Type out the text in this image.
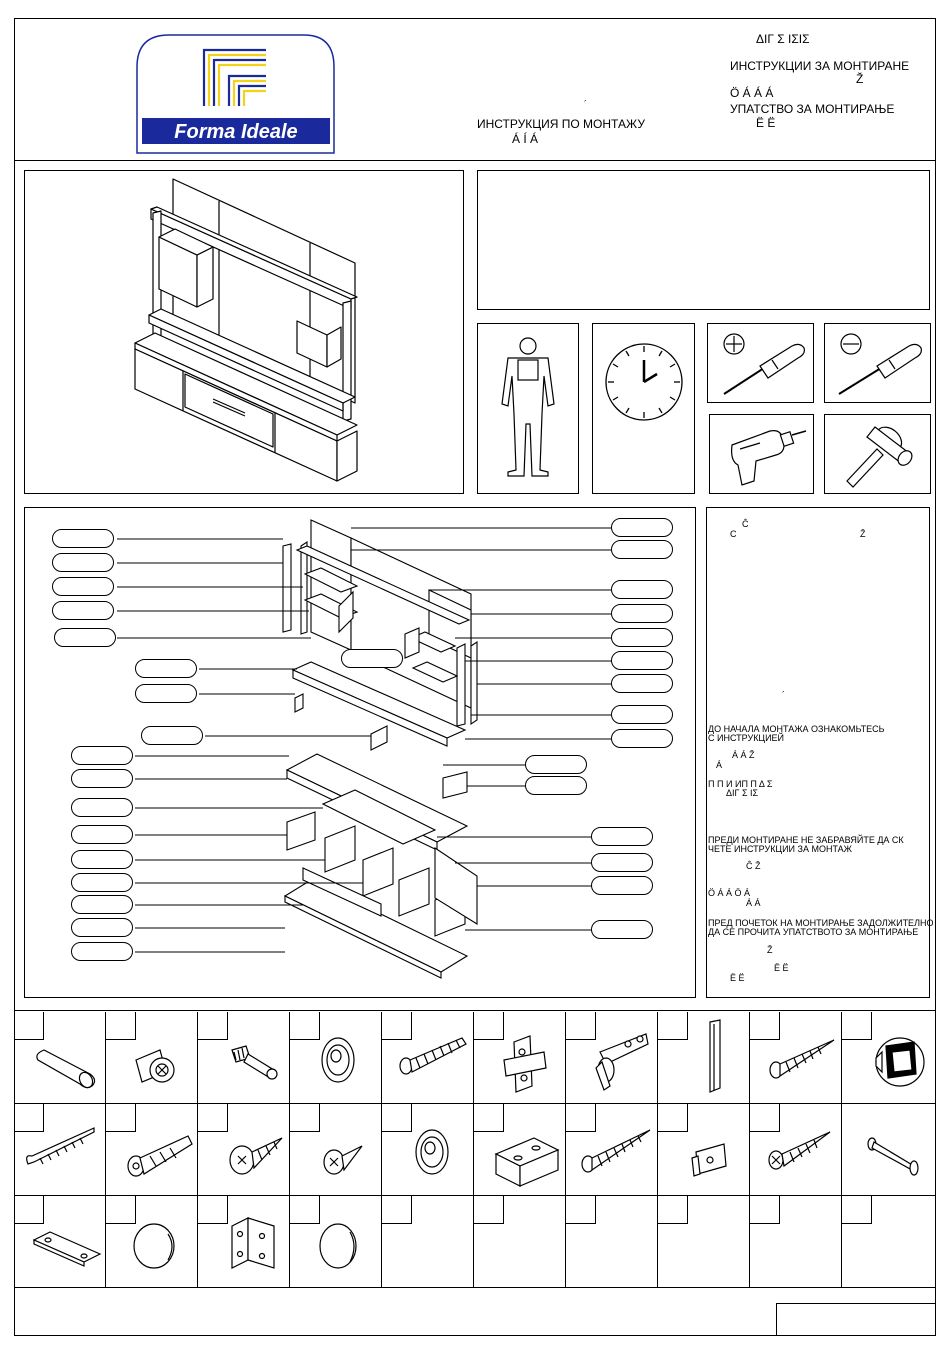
Forma Ideale
ΔΙΓ Σ ΙΣΙΣ
ИНСТРУКЦИИ ЗА МОНТИРАНЕ
Ž
Ö Á Á Á
УПАТСТВО ЗА МОНТИРАЊЕ
Ë Ë
´
ИНСТРУКЦИЯ ПО МОНТАЖУ
Á Í Á
Ĉ
C	Ž
´
ДО НАЧАЛА МОНТАЖА ОЗНАКОМЬТЕСЬ
С ИНСТРУКЦИЕЙ
Á Á Ž
Á
Π Π И ИП Π Δ Σ
ΔΙΓ Σ ΙΣ
ПРЕДИ МОНТИРАНЕ НЕ ЗАБРАВЯЙТЕ ДА СК
ЧЕТЕ ИНСТРУКЦИИ ЗА МОНТАЖ
Ĉ Ž
Ö Á Á Ö Á
Á Á
ПРЕД ПОЧЕТОК НА МОНТИРАЊЕ ЗАДОЛЖИТЕЛНО
ДА СЕ ПРОЧИТА УПАТСТВОТО ЗА МОНТИРАЊЕ
Ž
Ë Ë
Ë Ë
